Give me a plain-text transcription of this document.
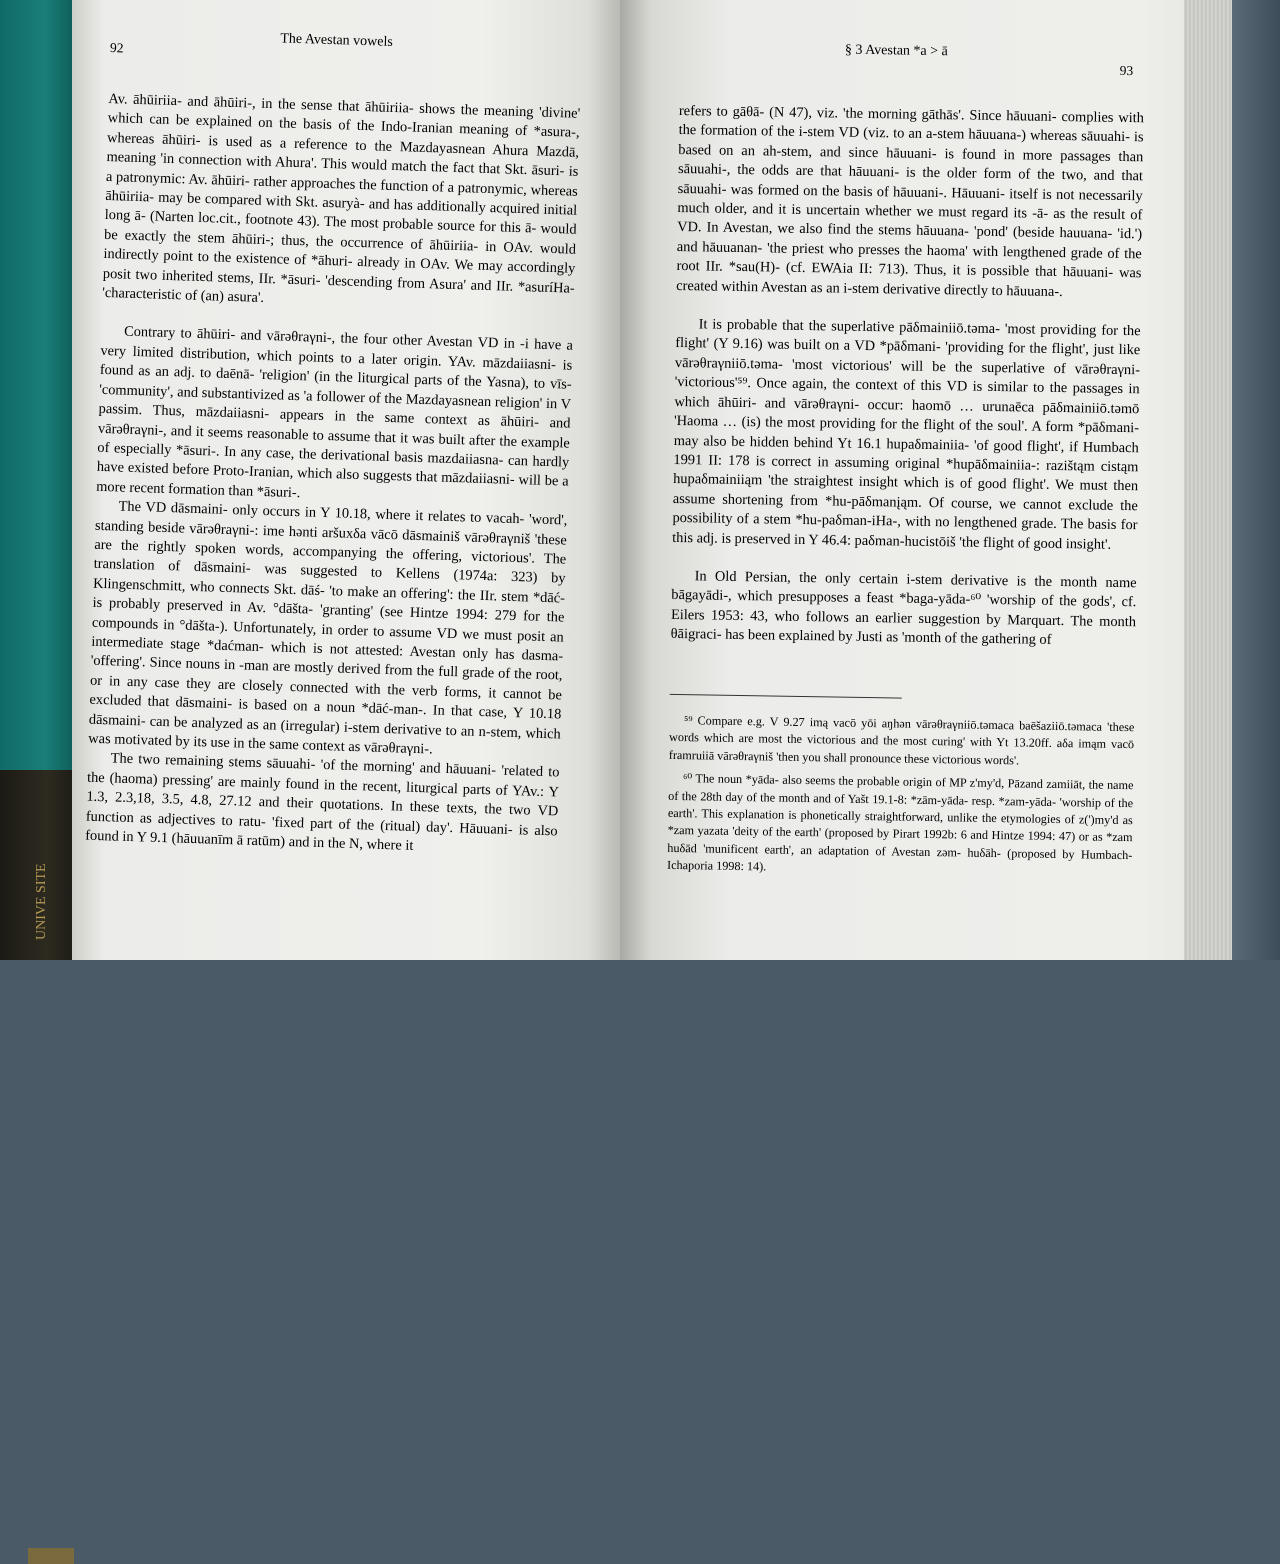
UNIVE SITE
92	The Avestan vowels

Av. āhūiriia- and āhūiri-, in the sense that āhūiriia- shows the meaning 'divine' which can be explained on the basis of the Indo-Iranian meaning of *asura-, whereas āhūiri- is used as a reference to the Mazdayasnean Ahura Mazdā, meaning 'in connection with Ahura'. This would match the fact that Skt. āsuri- is a patronymic: Av. āhūiri- rather approaches the function of a patronymic, whereas āhūiriia- may be compared with Skt. asuryà- and has additionally acquired initial long ā- (Narten loc.cit., footnote 43). The most probable source for this ā- would be exactly the stem āhūiri-; thus, the occurrence of āhūiriia- in OAv. would indirectly point to the existence of *āhuri- already in OAv. We may accordingly posit two inherited stems, IIr. *āsuri- 'descending from Asura' and IIr. *asuríHa- 'characteristic of (an) asura'.

Contrary to āhūiri- and vārəθraγni-, the four other Avestan VD in -i have a very limited distribution, which points to a later origin. YAv. māzdaiiasni- is found as an adj. to daēnā- 'religion' (in the liturgical parts of the Yasna), to vīs- 'community', and substantivized as 'a follower of the Mazdayasnean religion' in V passim. Thus, māzdaiiasni- appears in the same context as āhūiri- and vārəθraγni-, and it seems reasonable to assume that it was built after the example of especially *āsuri-. In any case, the derivational basis mazdaiiasna- can hardly have existed before Proto-Iranian, which also suggests that māzdaiiasni- will be a more recent formation than *āsuri-.

The VD dāsmaini- only occurs in Y 10.18, where it relates to vacah- 'word', standing beside vārəθraγni-: ime hənti aršuxδa vācō dāsmainiš vārəθraγniš 'these are the rightly spoken words, accompanying the offering, victorious'. The translation of dāsmaini- was suggested to Kellens (1974a: 323) by Klingenschmitt, who connects Skt. dāś- 'to make an offering': the IIr. stem *dāć- is probably preserved in Av. °dāšta- 'granting' (see Hintze 1994: 279 for the compounds in °dāšta-). Unfortunately, in order to assume VD we must posit an intermediate stage *daćman- which is not attested: Avestan only has dasma- 'offering'. Since nouns in -man are mostly derived from the full grade of the root, or in any case they are closely connected with the verb forms, it cannot be excluded that dāsmaini- is based on a noun *dāć-man-. In that case, Y 10.18 dāsmaini- can be analyzed as an (irregular) i-stem derivative to an n-stem, which was motivated by its use in the same context as vārəθraγni-.

The two remaining stems sāuuahi- 'of the morning' and hāuuani- 'related to the (haoma) pressing' are mainly found in the recent, liturgical parts of YAv.: Y 1.3, 2.3,18, 3.5, 4.8, 27.12 and their quotations. In these texts, the two VD function as adjectives to ratu- 'fixed part of the (ritual) day'. Hāuuani- is also found in Y 9.1 (hāuuanīm ā ratūm) and in the N, where it

§ 3 Avestan *a > ā
93

refers to gāθā- (N 47), viz. 'the morning gāthās'. Since hāuuani- complies with the formation of the i-stem VD (viz. to an a-stem hāuuana-) whereas sāuuahi- is based on an ah-stem, and since hāuuani- is found in more passages than sāuuahi-, the odds are that hāuuani- is the older form of the two, and that sāuuahi- was formed on the basis of hāuuani-. Hāuuani- itself is not necessarily much older, and it is uncertain whether we must regard its -ā- as the result of VD. In Avestan, we also find the stems hāuuana- 'pond' (beside hauuana- 'id.') and hāuuanan- 'the priest who presses the haoma' with lengthened grade of the root IIr. *sau(H)- (cf. EWAia II: 713). Thus, it is possible that hāuuani- was created within Avestan as an i-stem derivative directly to hāuuana-.

It is probable that the superlative pāδmainiiō.təma- 'most providing for the flight' (Y 9.16) was built on a VD *pāδmani- 'providing for the flight', just like vārəθraγniiō.təma- 'most victorious' will be the superlative of vārəθraγni- 'victorious'⁵⁹. Once again, the context of this VD is similar to the passages in which āhūiri- and vārəθraγni- occur: haomō … urunaēca pāδmainiiō.təmō 'Haoma … (is) the most providing for the flight of the soul'. A form *pāδmani- may also be hidden behind Yt 16.1 hupaδmainiia- 'of good flight', if Humbach 1991 II: 178 is correct in assuming original *hupāδmainiia-: razištąm cistąm hupaδmainiiąm 'the straightest insight which is of good flight'. We must then assume shortening from *hu-pāδmanįąm. Of course, we cannot exclude the possibility of a stem *hu-paδman-iHa-, with no lengthened grade. The basis for this adj. is preserved in Y 46.4: paδman-hucistōiš 'the flight of good insight'.

In Old Persian, the only certain i-stem derivative is the month name bāgayādi-, which presupposes a feast *baga-yāda-⁶⁰ 'worship of the gods', cf. Eilers 1953: 43, who follows an earlier suggestion by Marquart. The month θāigraci- has been explained by Justi as 'month of the gathering of

⁵⁹ Compare e.g. V 9.27 imą vacō yōi aŋhən vārəθraγniiō.təmaca baēšaziiō.təmaca 'these words which are most the victorious and the most curing' with Yt 13.20ff. aδa imąm vacō framruiiā vārəθraγniš 'then you shall pronounce these victorious words'.

⁶⁰ The noun *yāda- also seems the probable origin of MP z'my'd, Pāzand zamiiāt, the name of the 28th day of the month and of Yašt 19.1-8: *zām-yāda- resp. *zam-yāda- 'worship of the earth'. This explanation is phonetically straightforward, unlike the etymologies of z(')my'd as *zam yazata 'deity of the earth' (proposed by Pirart 1992b: 6 and Hintze 1994: 47) or as *zam huδād 'munificent earth', an adaptation of Avestan zəm- huδāh- (proposed by Humbach-Ichaporia 1998: 14).
